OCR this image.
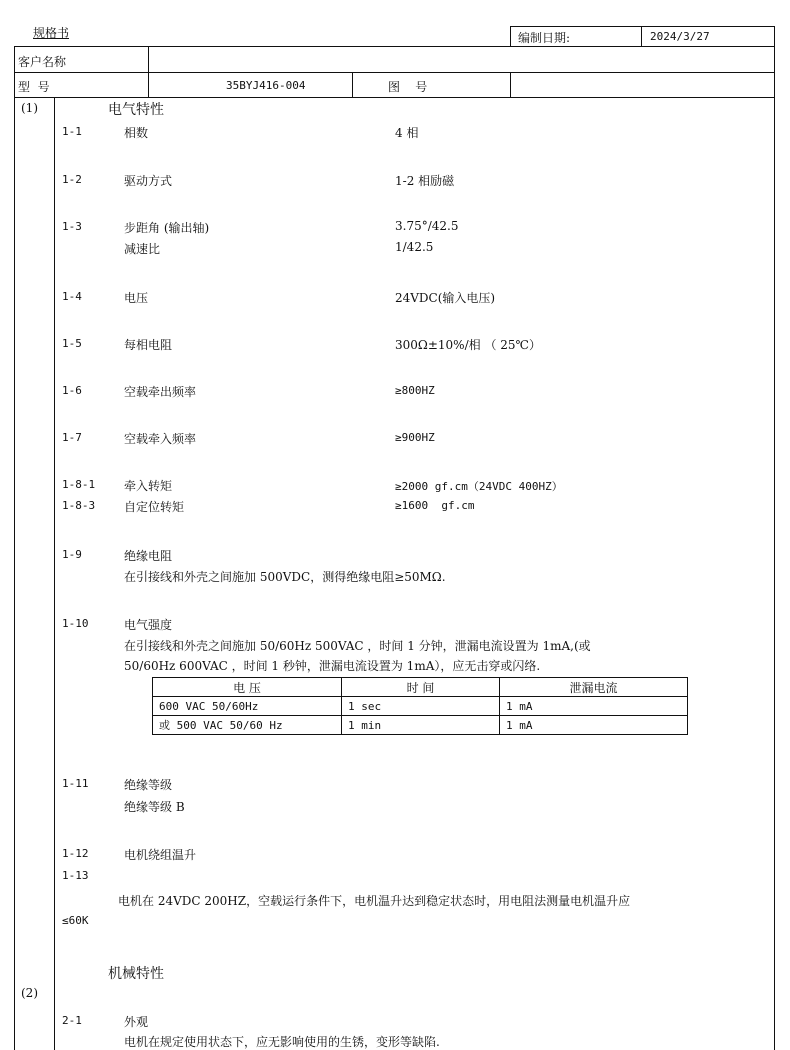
规格书	编制日期:	2024/3/27
客户名称
型  号	35BYJ416-004	图    号
(1)	电气特性
1-1	相数	4 相
1-2	驱动方式	1-2 相励磁
1-3	步距角 (输出轴)	3.75°/42.5
减速比	1/42.5
1-4	电压	24VDC(输入电压)
1-5	每相电阻	300Ω±10%/相 （ 25℃）
1-6	空载牵出频率	≥800HZ
1-7	空载牵入频率	≥900HZ
1-8-1 牵入转矩	≥2000 gf.cm（24VDC 400HZ）
1-8-3 自定位转矩	≥1600  gf.cm
1-9	绝缘电阻
在引接线和外壳之间施加 500VDC，测得绝缘电阻≥50MΩ.
1-10	电气强度
在引接线和外壳之间施加 50/60Hz 500VAC ，时间 1 分钟，泄漏电流设置为 1mA,(或
50/60Hz 600VAC ，时间 1 秒钟，泄漏电流设置为 1mA），应无击穿或闪络.
电 压	时 间	泄漏电流
600 VAC 50/60Hz	1 sec	1 mA
或 500 VAC 50/60 Hz	1 min	1 mA
1-11	绝缘等级
绝缘等级 B
1-12	电机绕组温升
1-13
电机在 24VDC 200HZ，空载运行条件下，电机温升达到稳定状态时，用电阻法测量电机温升应
≤60K
机械特性
(2)
2-1	外观
电机在规定使用状态下，应无影响使用的生锈，变形等缺陷.
